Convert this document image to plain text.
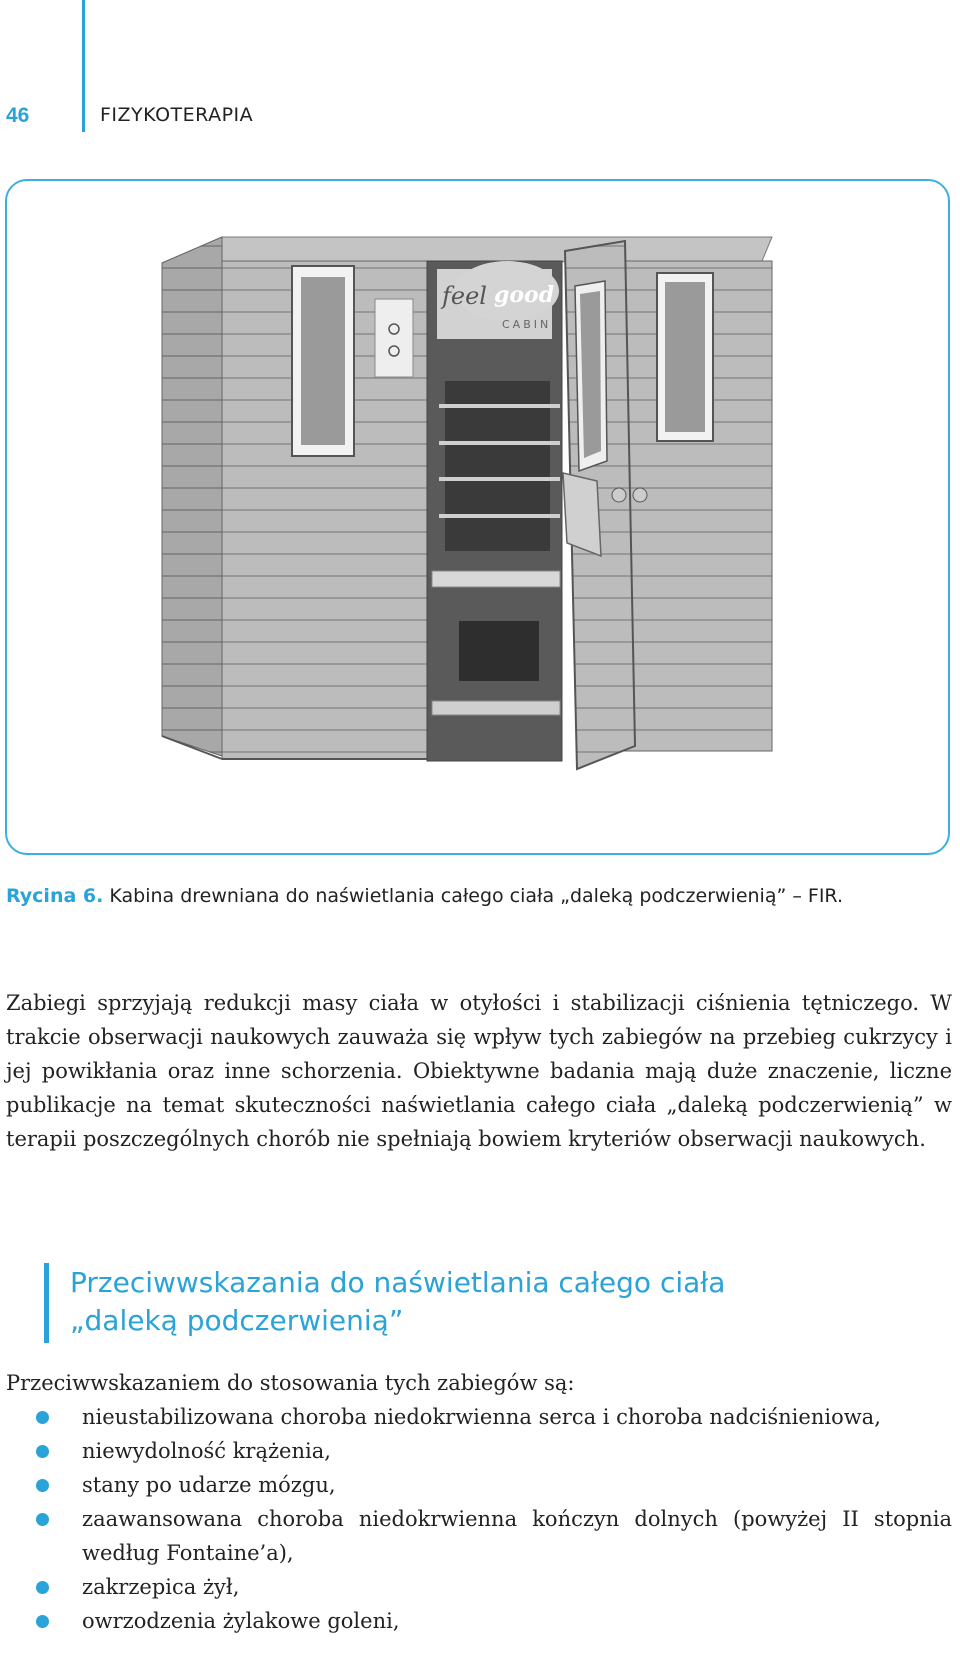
46	FIZYKOTERAPIA
feel good
CABIN
Rycina 6. Kabina drewniana do naświetlania całego ciała „daleką podczerwienią” – FIR.
Zabiegi sprzyjają redukcji masy ciała w otyłości i stabilizacji ciśnienia tętniczego. W trakcie obserwacji naukowych zauważa się wpływ tych zabiegów na przebieg cukrzycy i jej powikłania oraz inne schorzenia. Obiektywne badania mają duże znaczenie, liczne publikacje na temat skuteczności naświetlania całego ciała „daleką podczerwienią” w terapii poszczególnych chorób nie spełniają bowiem kryteriów obserwacji naukowych.
Przeciwwskazania do naświetlania całego ciała
„daleką podczerwienią”
Przeciwwskazaniem do stosowania tych zabiegów są:
nieustabilizowana choroba niedokrwienna serca i choroba nadciśnieniowa,
niewydolność krążenia,
stany po udarze mózgu,
zaawansowana choroba niedokrwienna kończyn dolnych (powyżej II stopnia według Fontaine’a),
zakrzepica żył,
owrzodzenia żylakowe goleni,
